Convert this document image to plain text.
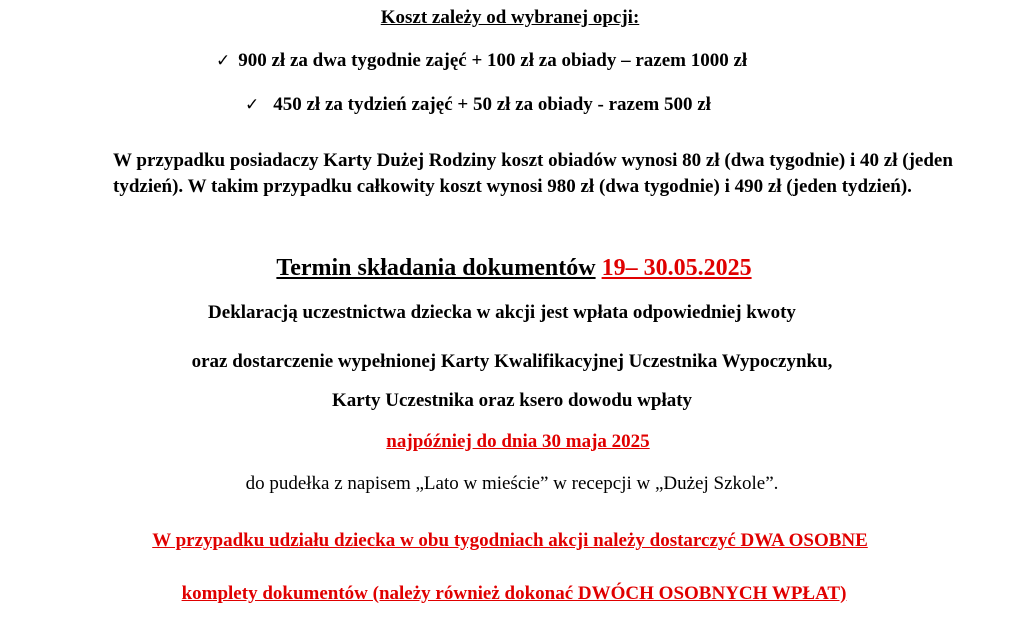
Koszt zależy od wybranej opcji:
✓ 900 zł za dwa tygodnie zajęć + 100 zł za obiady – razem 1000 zł
✓ 450 zł za tydzień zajęć + 50 zł za obiady - razem 500 zł
W przypadku posiadaczy Karty Dużej Rodziny koszt obiadów wynosi 80 zł (dwa tygodnie) i 40 zł (jeden tydzień). W takim przypadku całkowity koszt wynosi 980 zł (dwa tygodnie) i 490 zł (jeden tydzień).
Termin składania dokumentów 19– 30.05.2025
Deklaracją uczestnictwa dziecka w akcji jest wpłata odpowiedniej kwoty
oraz dostarczenie wypełnionej Karty Kwalifikacyjnej Uczestnika Wypoczynku,
Karty Uczestnika oraz ksero dowodu wpłaty
najpóźniej do dnia 30 maja 2025
do pudełka z napisem „Lato w mieście” w recepcji w „Dużej Szkole”.
W przypadku udziału dziecka w obu tygodniach akcji należy dostarczyć DWA OSOBNE
komplety dokumentów (należy również dokonać DWÓCH OSOBNYCH WPŁAT)
